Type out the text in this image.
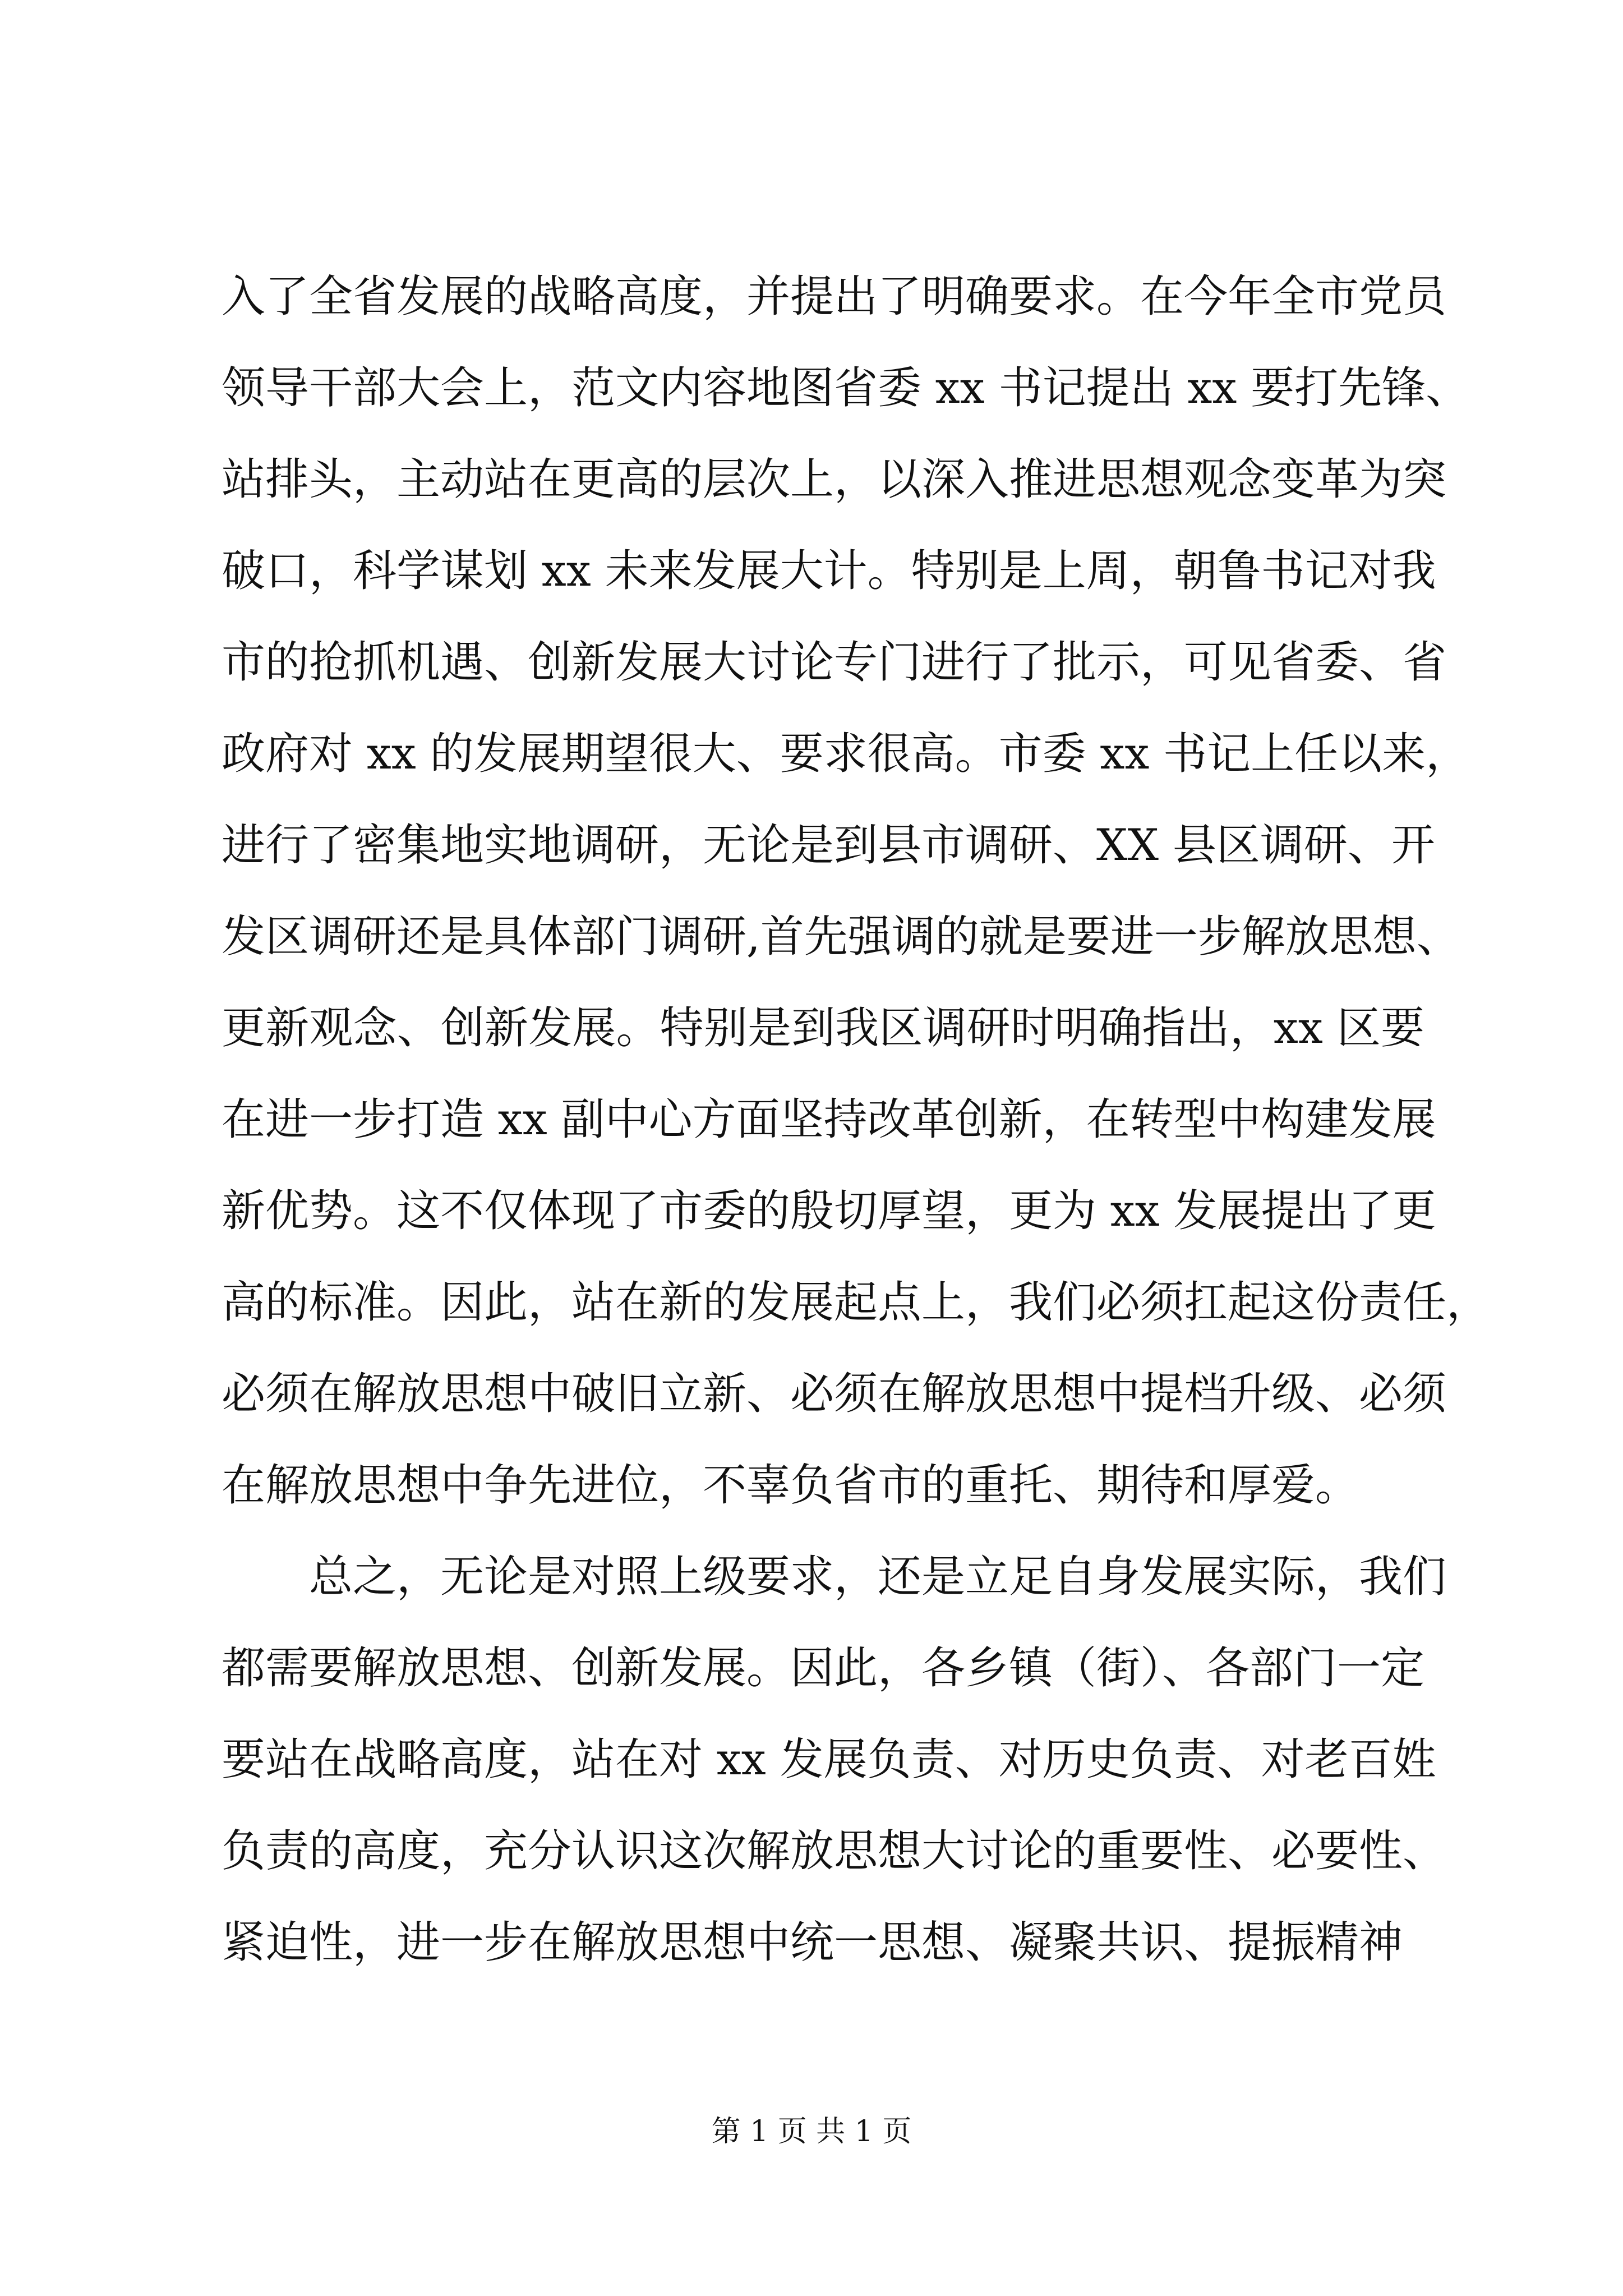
入了全省发展的战略高度，并提出了明确要求。在今年全市党员
领导干部大会上，范文内容地图省委 xx 书记提出 xx 要打先锋、
站排头，主动站在更高的层次上，以深入推进思想观念变革为突
破口，科学谋划 xx 未来发展大计。特别是上周，朝鲁书记对我
市的抢抓机遇、创新发展大讨论专门进行了批示，可见省委、省
政府对 xx 的发展期望很大、要求很高。市委 xx 书记上任以来，
进行了密集地实地调研，无论是到县市调研、XX 县区调研、开
发区调研还是具体部门调研,首先强调的就是要进一步解放思想、
更新观念、创新发展。特别是到我区调研时明确指出，xx 区要
在进一步打造 xx 副中心方面坚持改革创新，在转型中构建发展
新优势。这不仅体现了市委的殷切厚望，更为 xx 发展提出了更
高的标准。因此，站在新的发展起点上，我们必须扛起这份责任，
必须在解放思想中破旧立新、必须在解放思想中提档升级、必须
在解放思想中争先进位，不辜负省市的重托、期待和厚爱。
总之，无论是对照上级要求，还是立足自身发展实际，我们
都需要解放思想、创新发展。因此，各乡镇（街）、各部门一定
要站在战略高度，站在对 xx 发展负责、对历史负责、对老百姓
负责的高度，充分认识这次解放思想大讨论的重要性、必要性、
紧迫性，进一步在解放思想中统一思想、凝聚共识、提振精神
第 1 页 共 1 页
